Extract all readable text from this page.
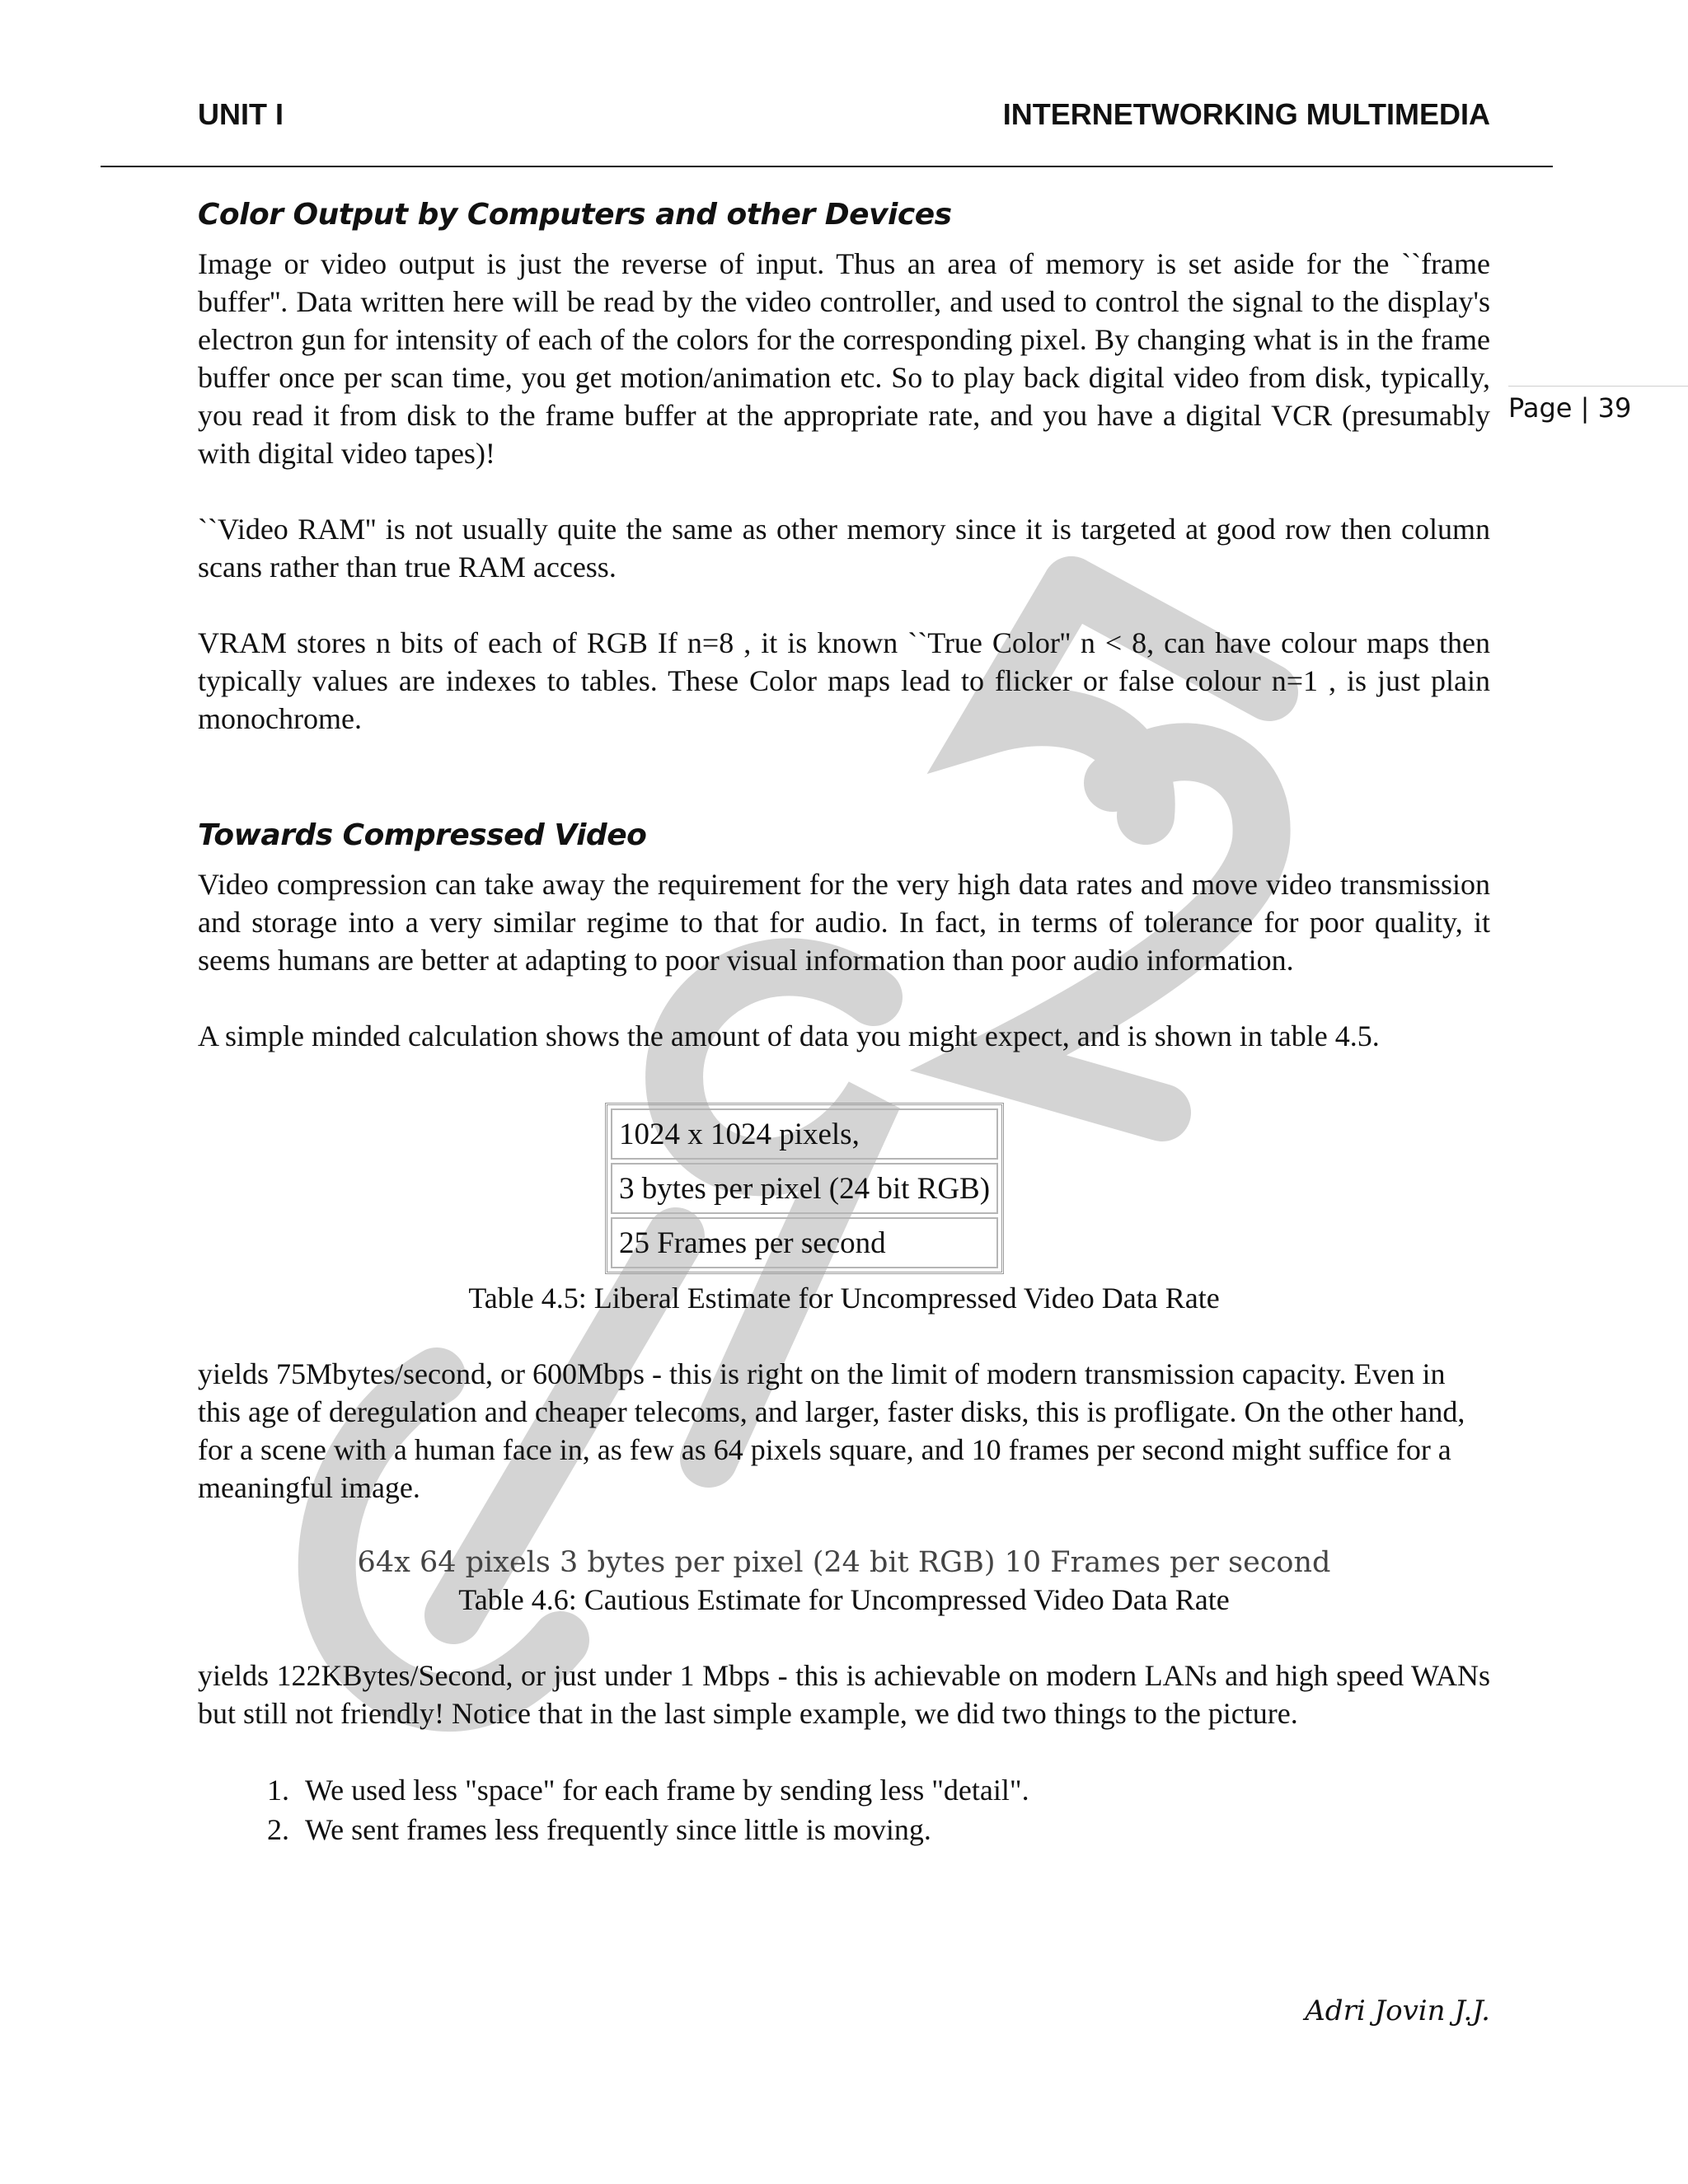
UNIT I	INTERNETWORKING MULTIMEDIA
Page | 39
Color Output by Computers and other Devices

Image or video output is just the reverse of input. Thus an area of memory is set aside for the ``frame buffer''. Data written here will be read by the video controller, and used to control the signal to the display's electron gun for intensity of each of the colors for the corresponding pixel. By changing what is in the frame buffer once per scan time, you get motion/animation etc. So to play back digital video from disk, typically, you read it from disk to the frame buffer at the appropriate rate, and you have a digital VCR (presumably with digital video tapes)!

``Video RAM'' is not usually quite the same as other memory since it is targeted at good row then column scans rather than true RAM access.

VRAM stores n bits of each of RGB If n=8 , it is known ``True Color'' n < 8, can have colour maps then typically values are indexes to tables. These Color maps lead to flicker or false colour n=1 , is just plain monochrome.

Towards Compressed Video

Video compression can take away the requirement for the very high data rates and move video transmission and storage into a very similar regime to that for audio. In fact, in terms of tolerance for poor quality, it seems humans are better at adapting to poor visual information than poor audio information.

A simple minded calculation shows the amount of data you might expect, and is shown in table 4.5.

1024 x 1024 pixels,
3 bytes per pixel (24 bit RGB)
25 Frames per second

Table 4.5: Liberal Estimate for Uncompressed Video Data Rate

yields 75Mbytes/second, or 600Mbps - this is right on the limit of modern transmission capacity. Even in this age of deregulation and cheaper telecoms, and larger, faster disks, this is profligate. On the other hand, for a scene with a human face in, as few as 64 pixels square, and 10 frames per second might suffice for a meaningful image.

64x 64 pixels 3 bytes per pixel (24 bit RGB) 10 Frames per second

Table 4.6: Cautious Estimate for Uncompressed Video Data Rate

yields 122KBytes/Second, or just under 1 Mbps - this is achievable on modern LANs and high speed WANs but still not friendly! Notice that in the last simple example, we did two things to the picture.

1. We used less "space" for each frame by sending less "detail".
2. We sent frames less frequently since little is moving.
Adri Jovin J.J.
